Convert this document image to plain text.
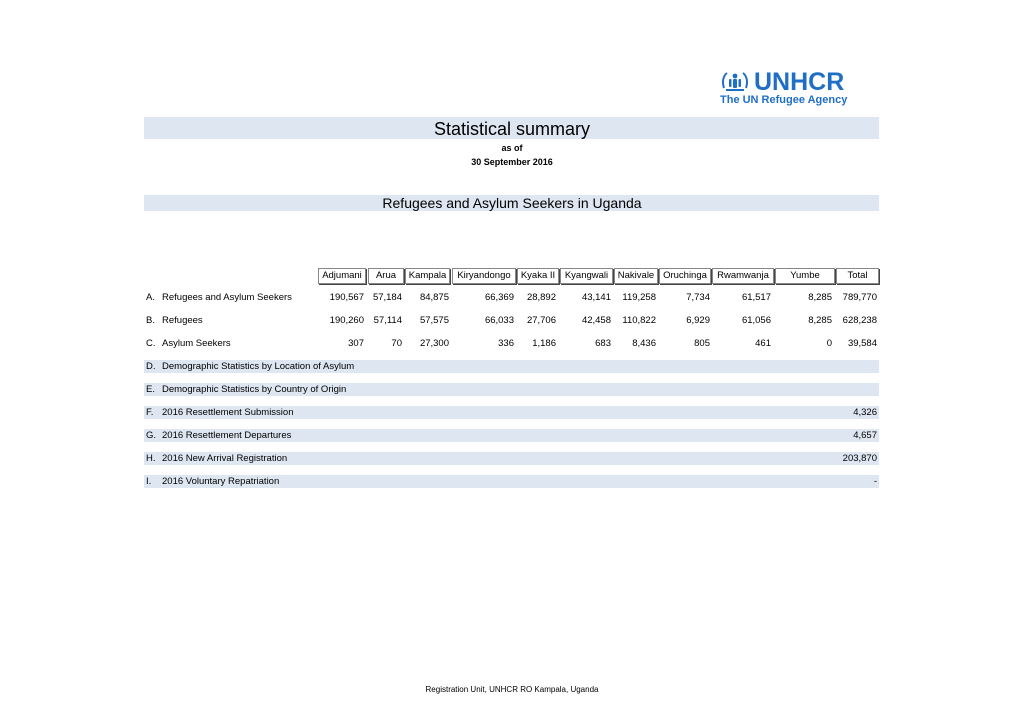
UNHCR
The UN Refugee Agency
Statistical summary
as of
30 September 2016
Refugees and Asylum Seekers in Uganda
Adjumani	Arua	Kampala	Kiryandongo	Kyaka II	Kyangwali	Nakivale Oruchinga	Rwamwanja	Yumbe	Total
A. Refugees and Asylum Seekers	190,567 57,184 84,875	66,369 28,892	43,141 119,258	7,734	61,517	8,285 789,770
B. Refugees	190,260 57,114 57,575	66,033 27,706	42,458 110,822	6,929	61,056	8,285 628,238
C. Asylum Seekers	307	70 27,300	336 1,186	683 8,436	805	461	0 39,584
D. Demographic Statistics by Location of Asylum
E. Demographic Statistics by Country of Origin
F. 2016 Resettlement Submission	4,326
G. 2016 Resettlement Departures	4,657
H. 2016 New Arrival Registration	203,870
I. 2016 Voluntary Repatriation	-
Registration Unit, UNHCR RO Kampala, Uganda
